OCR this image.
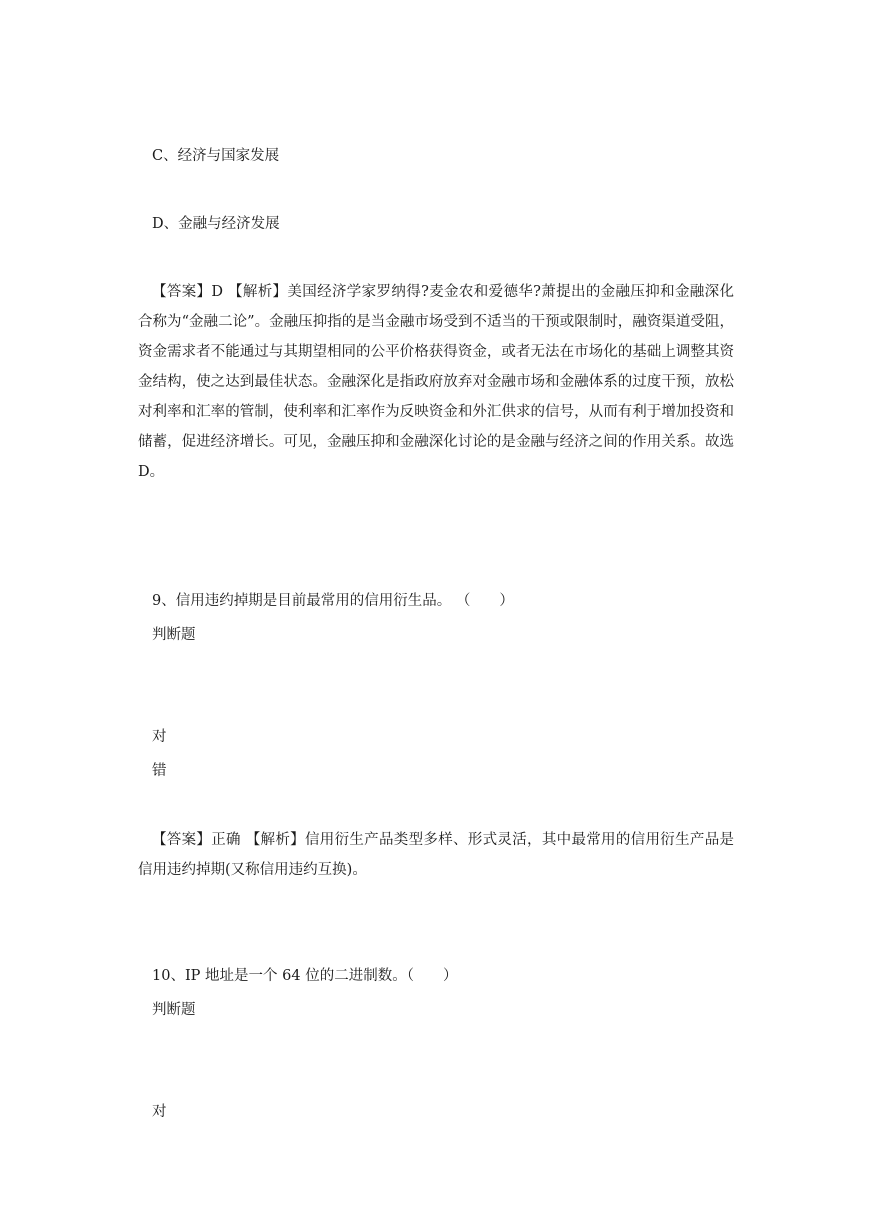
C、经济与国家发展
D、金融与经济发展
【答案】D 【解析】美国经济学家罗纳得?麦金农和爱德华?萧提出的金融压抑和金融深化合称为“金融二论”。金融压抑指的是当金融市场受到不适当的干预或限制时，融资渠道受阻，资金需求者不能通过与其期望相同的公平价格获得资金，或者无法在市场化的基础上调整其资金结构，使之达到最佳状态。金融深化是指政府放弃对金融市场和金融体系的过度干预，放松对利率和汇率的管制，使利率和汇率作为反映资金和外汇供求的信号，从而有利于增加投资和储蓄，促进经济增长。可见，金融压抑和金融深化讨论的是金融与经济之间的作用关系。故选 D。
9、信用违约掉期是目前最常用的信用衍生品。 （　　）
判断题
对
错
【答案】正确 【解析】信用衍生产品类型多样、形式灵活，其中最常用的信用衍生产品是信用违约掉期(又称信用违约互换)。
10、IP 地址是一个 64 位的二进制数。（　　）
判断题
对
